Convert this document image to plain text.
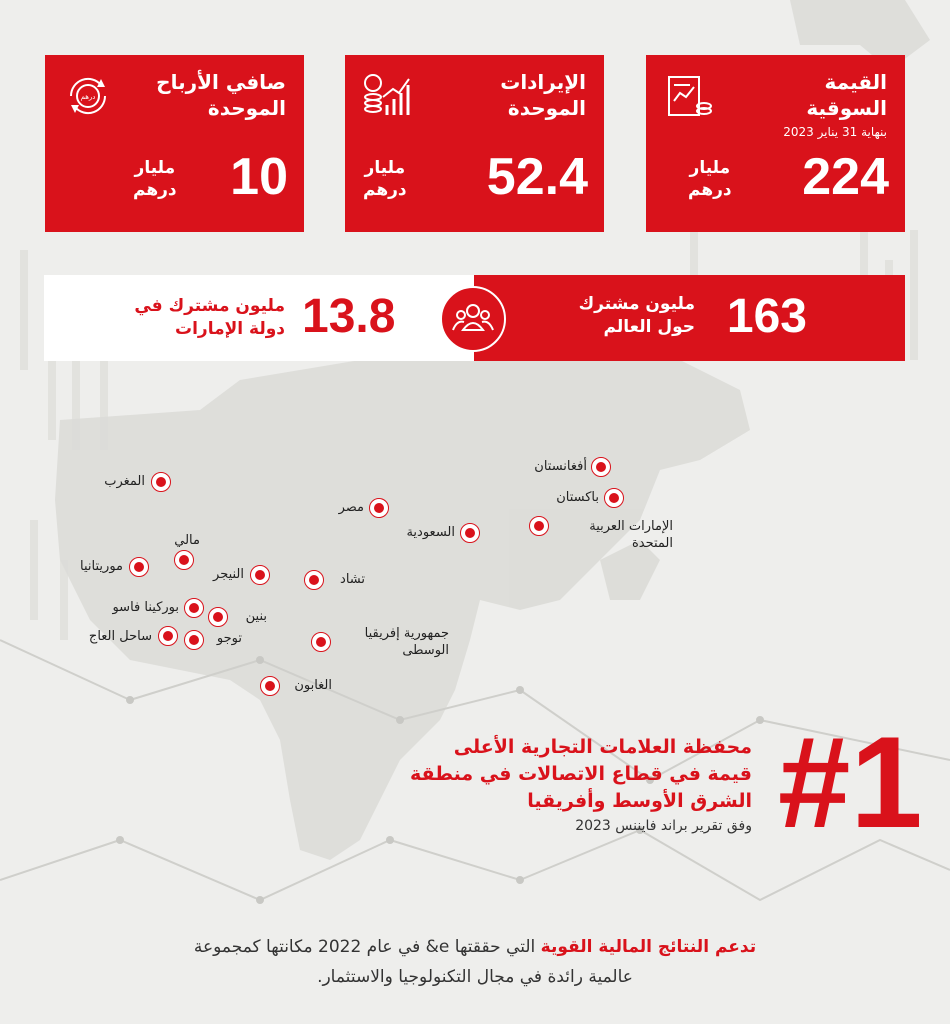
القيمة
السوقية
بنهاية 31 يناير 2023
224
مليار
درهم
الإيرادات
الموحدة
52.4
مليار
درهم
صافي الأرباح
الموحدة
درهم
10
مليار
درهم
163
مليون مشترك
حول العالم
13.8
مليون مشترك في
دولة الإمارات
أفغانستان
باكستان
الإمارات العربية
المتحدة
المغرب
مصر
السعودية
مالي
موريتانيا
النيجر	تشاد
بوركينا فاسو
بنين
ساحل العاج	توجو	جمهورية إفريقيا
الوسطى
الغابون
#1
محفظة العلامات التجارية الأعلى
قيمة في قطاع الاتصالات في منطقة
الشرق الأوسط وأفريقيا
وفق تقرير براند فايننس 2023
تدعم النتائج المالية القوية التي حققتها e& في عام 2022 مكانتها كمجموعة
عالمية رائدة في مجال التكنولوجيا والاستثمار.
